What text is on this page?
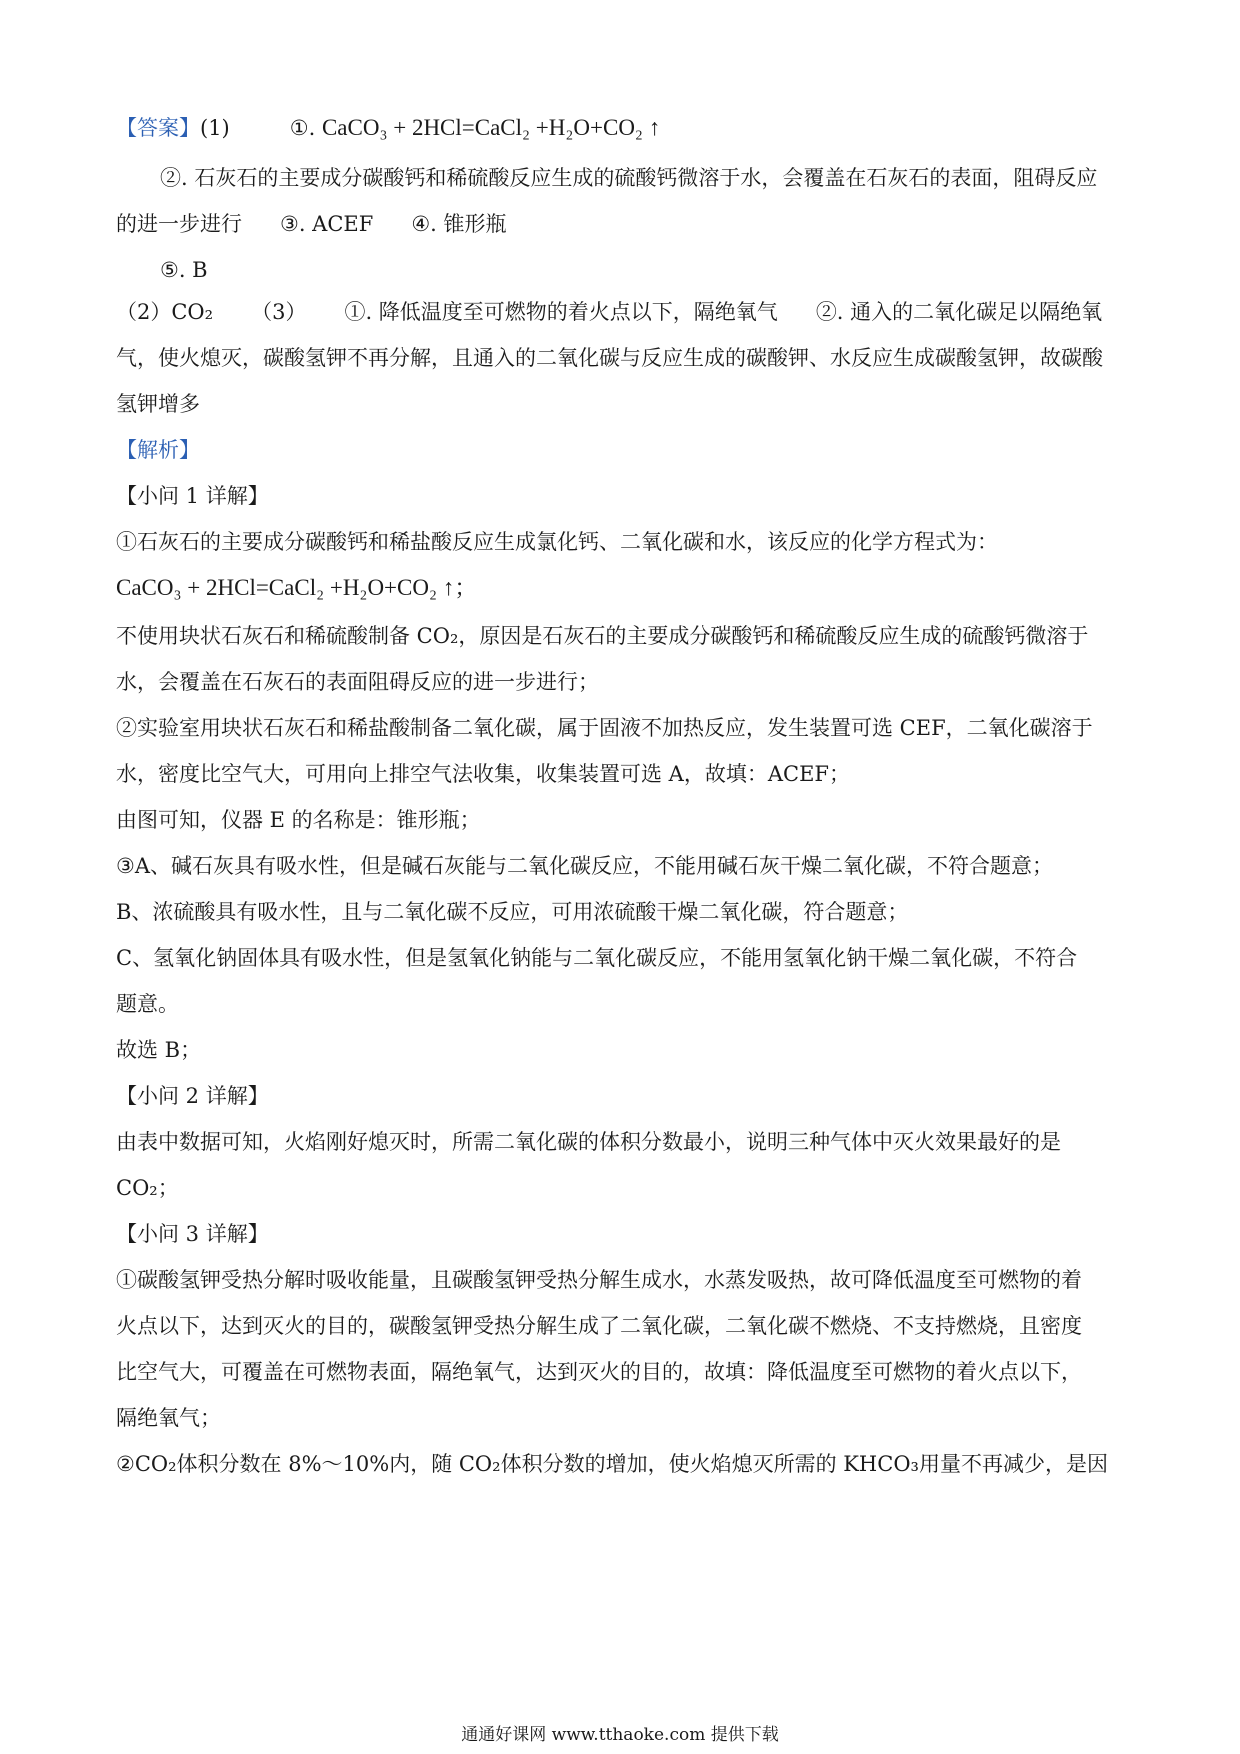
【答案】(1)	①. CaCO₃ + 2HCl=CaCl₂ +H₂O+CO₂ ↑
②. 石灰石的主要成分碳酸钙和稀硫酸反应生成的硫酸钙微溶于水，会覆盖在石灰石的表面，阻碍反应
的进一步进行 ③. ACEF ④. 锥形瓶
⑤. B
（2）CO₂ （3） ①. 降低温度至可燃物的着火点以下，隔绝氧气 ②. 通入的二氧化碳足以隔绝氧
气，使火熄灭，碳酸氢钾不再分解，且通入的二氧化碳与反应生成的碳酸钾、水反应生成碳酸氢钾，故碳酸
氢钾增多
【解析】
【小问 1 详解】
①石灰石的主要成分碳酸钙和稀盐酸反应生成氯化钙、二氧化碳和水，该反应的化学方程式为：
CaCO₃ + 2HCl=CaCl₂ +H₂O+CO₂ ↑；
不使用块状石灰石和稀硫酸制备 CO₂，原因是石灰石的主要成分碳酸钙和稀硫酸反应生成的硫酸钙微溶于
水，会覆盖在石灰石的表面阻碍反应的进一步进行；
②实验室用块状石灰石和稀盐酸制备二氧化碳，属于固液不加热反应，发生装置可选 CEF，二氧化碳溶于
水，密度比空气大，可用向上排空气法收集，收集装置可选 A，故填：ACEF；
由图可知，仪器 E 的名称是：锥形瓶；
③A、碱石灰具有吸水性，但是碱石灰能与二氧化碳反应，不能用碱石灰干燥二氧化碳，不符合题意；
B、浓硫酸具有吸水性，且与二氧化碳不反应，可用浓硫酸干燥二氧化碳，符合题意；
C、氢氧化钠固体具有吸水性，但是氢氧化钠能与二氧化碳反应，不能用氢氧化钠干燥二氧化碳，不符合
题意。
故选 B；
【小问 2 详解】
由表中数据可知，火焰刚好熄灭时，所需二氧化碳的体积分数最小，说明三种气体中灭火效果最好的是
CO₂；
【小问 3 详解】
①碳酸氢钾受热分解时吸收能量，且碳酸氢钾受热分解生成水，水蒸发吸热，故可降低温度至可燃物的着
火点以下，达到灭火的目的，碳酸氢钾受热分解生成了二氧化碳，二氧化碳不燃烧、不支持燃烧，且密度
比空气大，可覆盖在可燃物表面，隔绝氧气，达到灭火的目的，故填：降低温度至可燃物的着火点以下，
隔绝氧气；
②CO₂体积分数在 8%～10%内，随 CO₂体积分数的增加，使火焰熄灭所需的 KHCO₃用量不再减少，是因
通通好课网 www.tthaoke.com 提供下载
